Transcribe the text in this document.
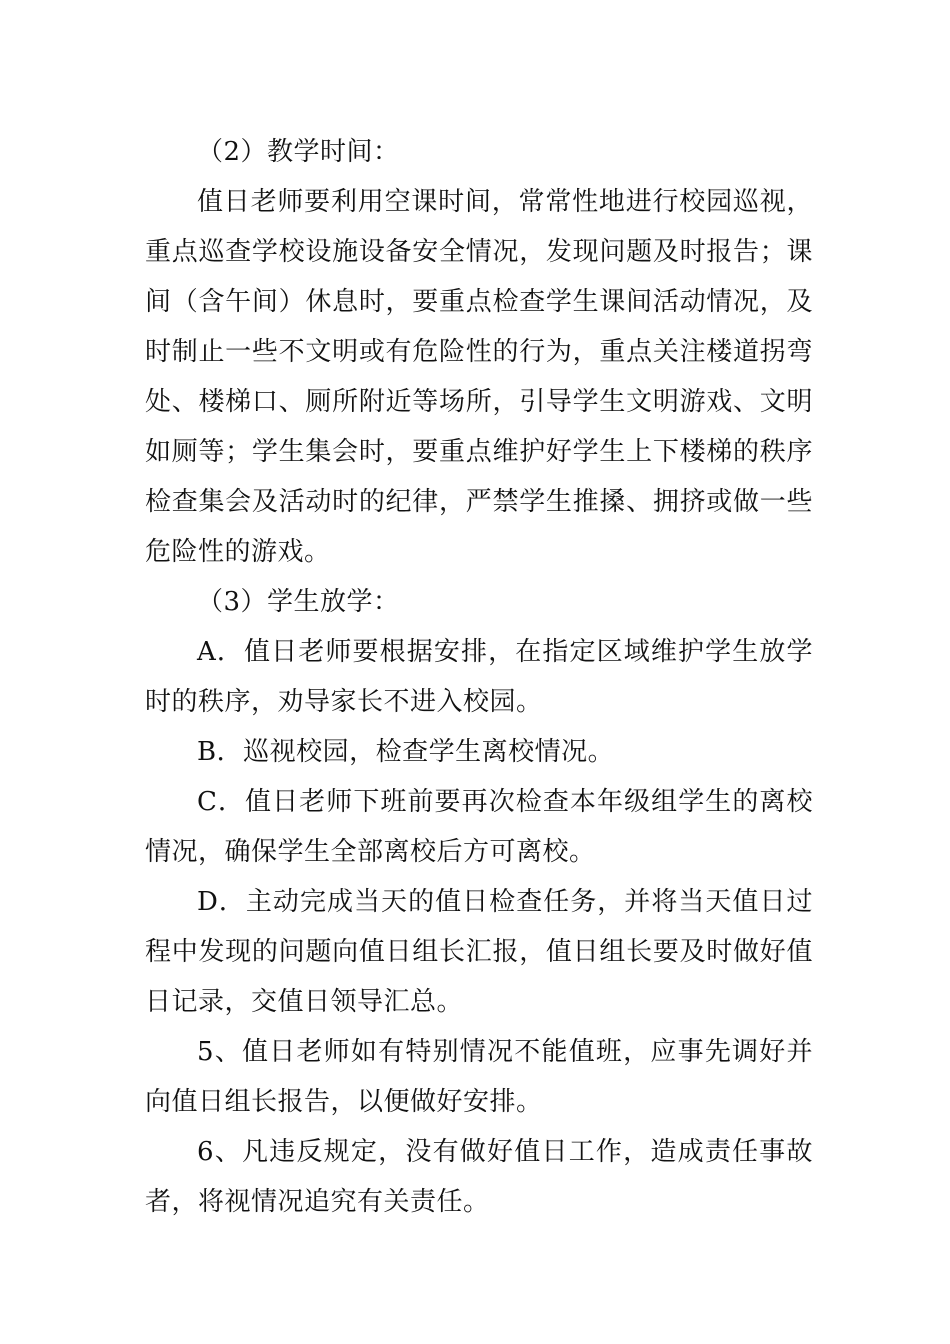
（2）教学时间：

值日老师要利用空课时间，常常性地进行校园巡视，重点巡查学校设施设备安全情况，发现问题及时报告；课间（含午间）休息时，要重点检查学生课间活动情况，及时制止一些不文明或有危险性的行为，重点关注楼道拐弯处、楼梯口、厕所附近等场所，引导学生文明游戏、文明如厕等；学生集会时，要重点维护好学生上下楼梯的秩序检查集会及活动时的纪律，严禁学生推搡、拥挤或做一些危险性的游戏。

（3）学生放学：

A．值日老师要根据安排，在指定区域维护学生放学时的秩序，劝导家长不进入校园。

B．巡视校园，检查学生离校情况。

C．值日老师下班前要再次检查本年级组学生的离校情况，确保学生全部离校后方可离校。

D．主动完成当天的值日检查任务，并将当天值日过程中发现的问题向值日组长汇报，值日组长要及时做好值日记录，交值日领导汇总。

5、值日老师如有特别情况不能值班，应事先调好并向值日组长报告，以便做好安排。

6、凡违反规定，没有做好值日工作，造成责任事故者，将视情况追究有关责任。
